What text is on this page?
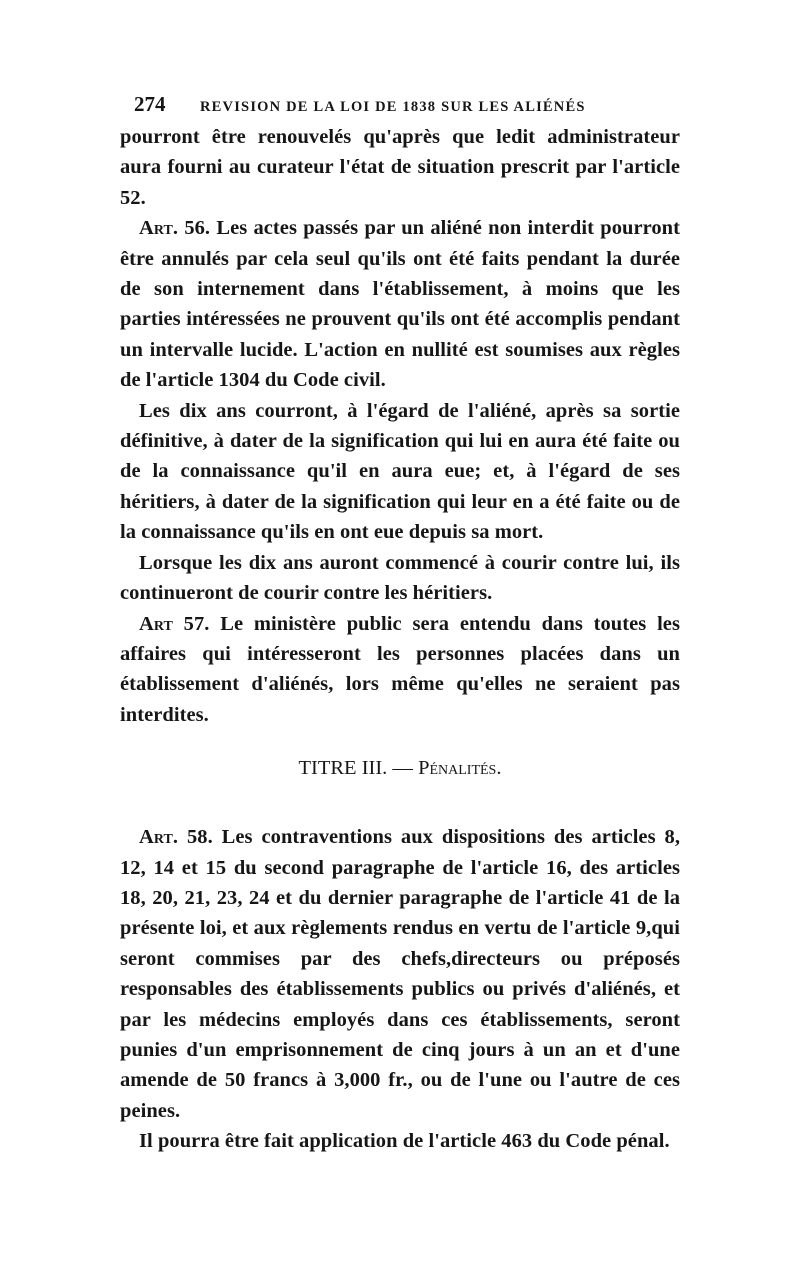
274	REVISION DE LA LOI DE 1838 SUR LES ALIÉNÉS

pourront être renouvelés qu'après que ledit administrateur aura fourni au curateur l'état de situation prescrit par l'article 52.

Art. 56. Les actes passés par un aliéné non interdit pourront être annulés par cela seul qu'ils ont été faits pendant la durée de son internement dans l'établissement, à moins que les parties intéressées ne prouvent qu'ils ont été accomplis pendant un intervalle lucide. L'action en nullité est soumises aux règles de l'article 1304 du Code civil.

Les dix ans courront, à l'égard de l'aliéné, après sa sortie définitive, à dater de la signification qui lui en aura été faite ou de la connaissance qu'il en aura eue; et, à l'égard de ses héritiers, à dater de la signification qui leur en a été faite ou de la connaissance qu'ils en ont eue depuis sa mort.

Lorsque les dix ans auront commencé à courir contre lui, ils continueront de courir contre les héritiers.

Art 57. Le ministère public sera entendu dans toutes les affaires qui intéresseront les personnes placées dans un établissement d'aliénés, lors même qu'elles ne seraient pas interdites.

TITRE III. — Pénalités.

Art. 58. Les contraventions aux dispositions des articles 8, 12, 14 et 15 du second paragraphe de l'article 16, des articles 18, 20, 21, 23, 24 et du dernier paragraphe de l'article 41 de la présente loi, et aux règlements rendus en vertu de l'article 9,qui seront commises par des chefs,directeurs ou préposés responsables des établissements publics ou privés d'aliénés, et par les médecins employés dans ces établissements, seront punies d'un emprisonnement de cinq jours à un an et d'une amende de 50 francs à 3,000 fr., ou de l'une ou l'autre de ces peines.

Il pourra être fait application de l'article 463 du Code pénal.
